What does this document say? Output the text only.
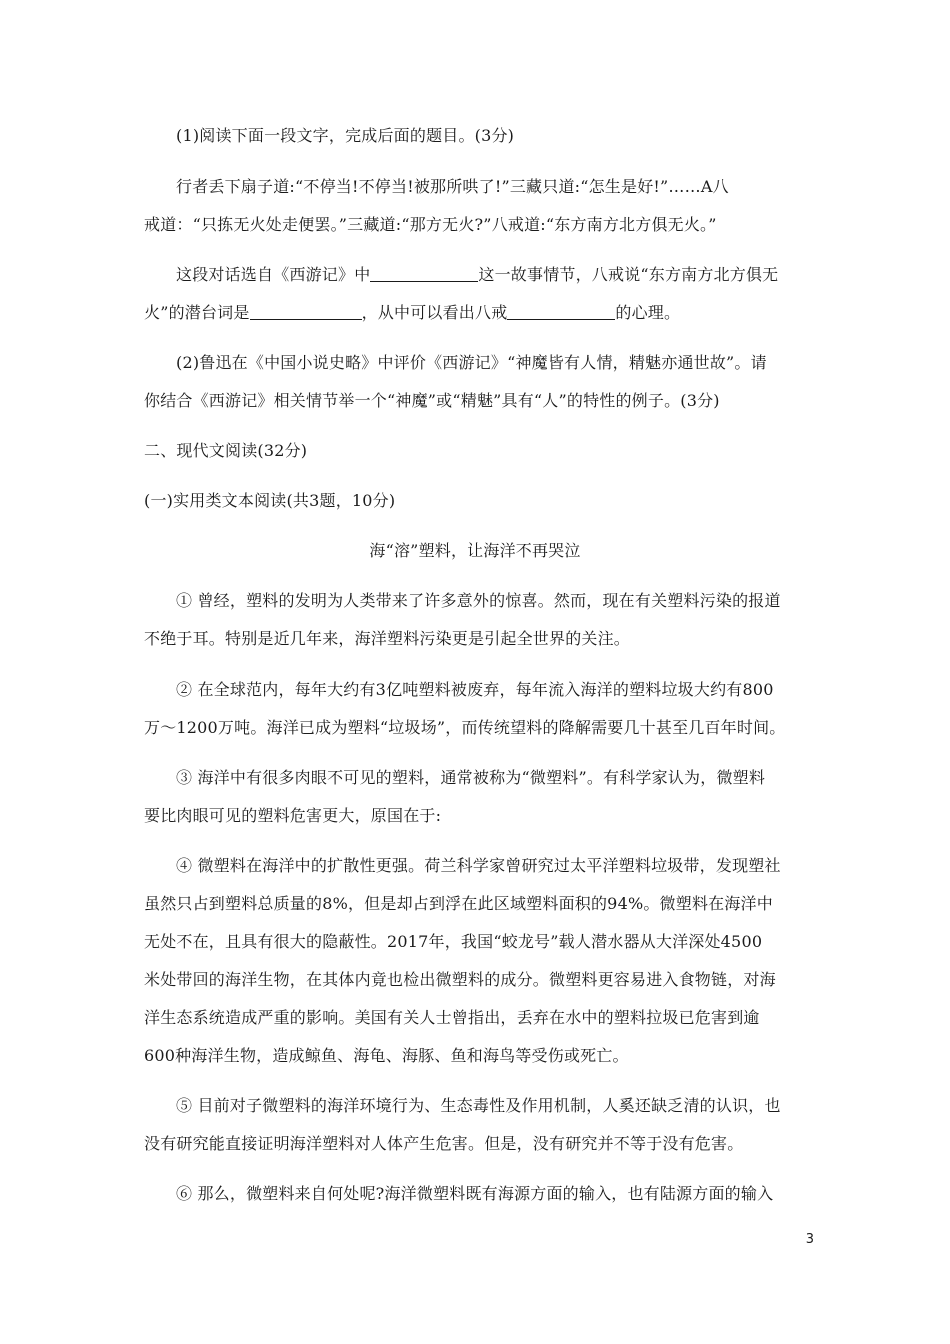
(1)阅读下面一段文字，完成后面的题目。(3分)
行者丢下扇子道:“不停当!不停当!被那所哄了!”三藏只道:“怎生是好!”……A八
戒道：“只拣无火处走便罢。”三藏道:“那方无火?”八戒道:“东方南方北方俱无火。”
这段对话选自《西游记》中	这一故事情节，八戒说“东方南方北方俱无
火”的潜台词是	，从中可以看出八戒	的心理。
(2)鲁迅在《中国小说史略》中评价《西游记》“神魔皆有人情，精魅亦通世故”。请
你结合《西游记》相关情节举一个“神魔”或“精魅”具有“人”的特性的例子。(3分)
二、现代文阅读(32分)
(一)实用类文本阅读(共3题，10分)
海“溶”塑料，让海洋不再哭泣
① 曾经，塑料的发明为人类带来了许多意外的惊喜。然而，现在有关塑料污染的报道
不绝于耳。特别是近几年来，海洋塑料污染更是引起全世界的关注。
② 在全球范内，每年大约有3亿吨塑料被废弃，每年流入海洋的塑料垃圾大约有800
万～1200万吨。海洋已成为塑料“垃圾场”，而传统望料的降解需要几十甚至几百年时间。
③ 海洋中有很多肉眼不可见的塑料，通常被称为“微塑料”。有科学家认为，微塑料
要比肉眼可见的塑料危害更大，原国在于:
④ 微塑料在海洋中的扩散性更强。荷兰科学家曾研究过太平洋塑料垃圾带，发现塑社
虽然只占到塑料总质量的8%，但是却占到浮在此区域塑料面积的94%。微塑料在海洋中
无处不在，且具有很大的隐蔽性。2017年，我国“蛟龙号”载人潜水器从大洋深处4500
米处带回的海洋生物，在其体内竟也检出微塑料的成分。微塑料更容易进入食物链，对海
洋生态系统造成严重的影响。美国有关人士曾指出，丢弃在水中的塑料拉圾已危害到逾
600种海洋生物，造成鲸鱼、海龟、海豚、鱼和海鸟等受伤或死亡。
⑤ 目前对子微塑料的海洋环境行为、生态毒性及作用机制，人奚还缺乏清的认识，也
没有研究能直接证明海洋塑料对人体产生危害。但是，没有研究并不等于没有危害。
⑥ 那么，微塑料来自何处呢?海洋微塑料既有海源方面的输入，也有陆源方面的输入
3
